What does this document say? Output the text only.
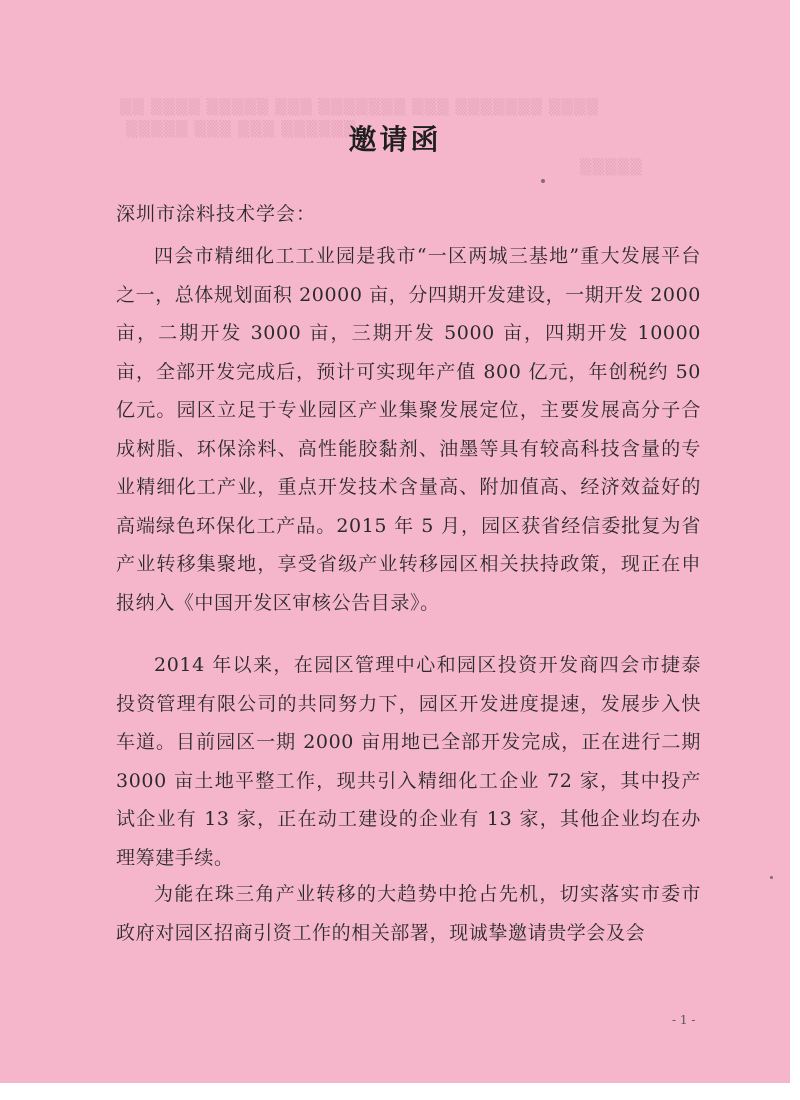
▒▒ ▒▒▒▒ ▒▒▒▒▒ ▒▒▒ ▒▒▒▒▒▒▒ ▒▒▒ ▒▒▒▒▒▒▒ ▒▒▒▒
▒▒▒▒▒ ▒▒▒ ▒▒▒ ▒▒▒▒▒▒
▒▒▒▒▒
邀请函
深圳市涂料技术学会：

四会市精细化工工业园是我市“一区两城三基地”重大发展平台之一，总体规划面积 20000 亩，分四期开发建设，一期开发 2000 亩，二期开发 3000 亩，三期开发 5000 亩，四期开发 10000 亩，全部开发完成后，预计可实现年产值 800 亿元，年创税约 50 亿元。园区立足于专业园区产业集聚发展定位，主要发展高分子合成树脂、环保涂料、高性能胶黏剂、油墨等具有较高科技含量的专业精细化工产业，重点开发技术含量高、附加值高、经济效益好的高端绿色环保化工产品。2015 年 5 月，园区获省经信委批复为省产业转移集聚地，享受省级产业转移园区相关扶持政策，现正在申报纳入《中国开发区审核公告目录》。

2014 年以来，在园区管理中心和园区投资开发商四会市捷泰投资管理有限公司的共同努力下，园区开发进度提速，发展步入快车道。目前园区一期 2000 亩用地已全部开发完成，正在进行二期 3000 亩土地平整工作，现共引入精细化工企业 72 家，其中投产试企业有 13 家，正在动工建设的企业有 13 家，其他企业均在办理筹建手续。

为能在珠三角产业转移的大趋势中抢占先机，切实落实市委市政府对园区招商引资工作的相关部署，现诚挚邀请贵学会及会

- 1 -
